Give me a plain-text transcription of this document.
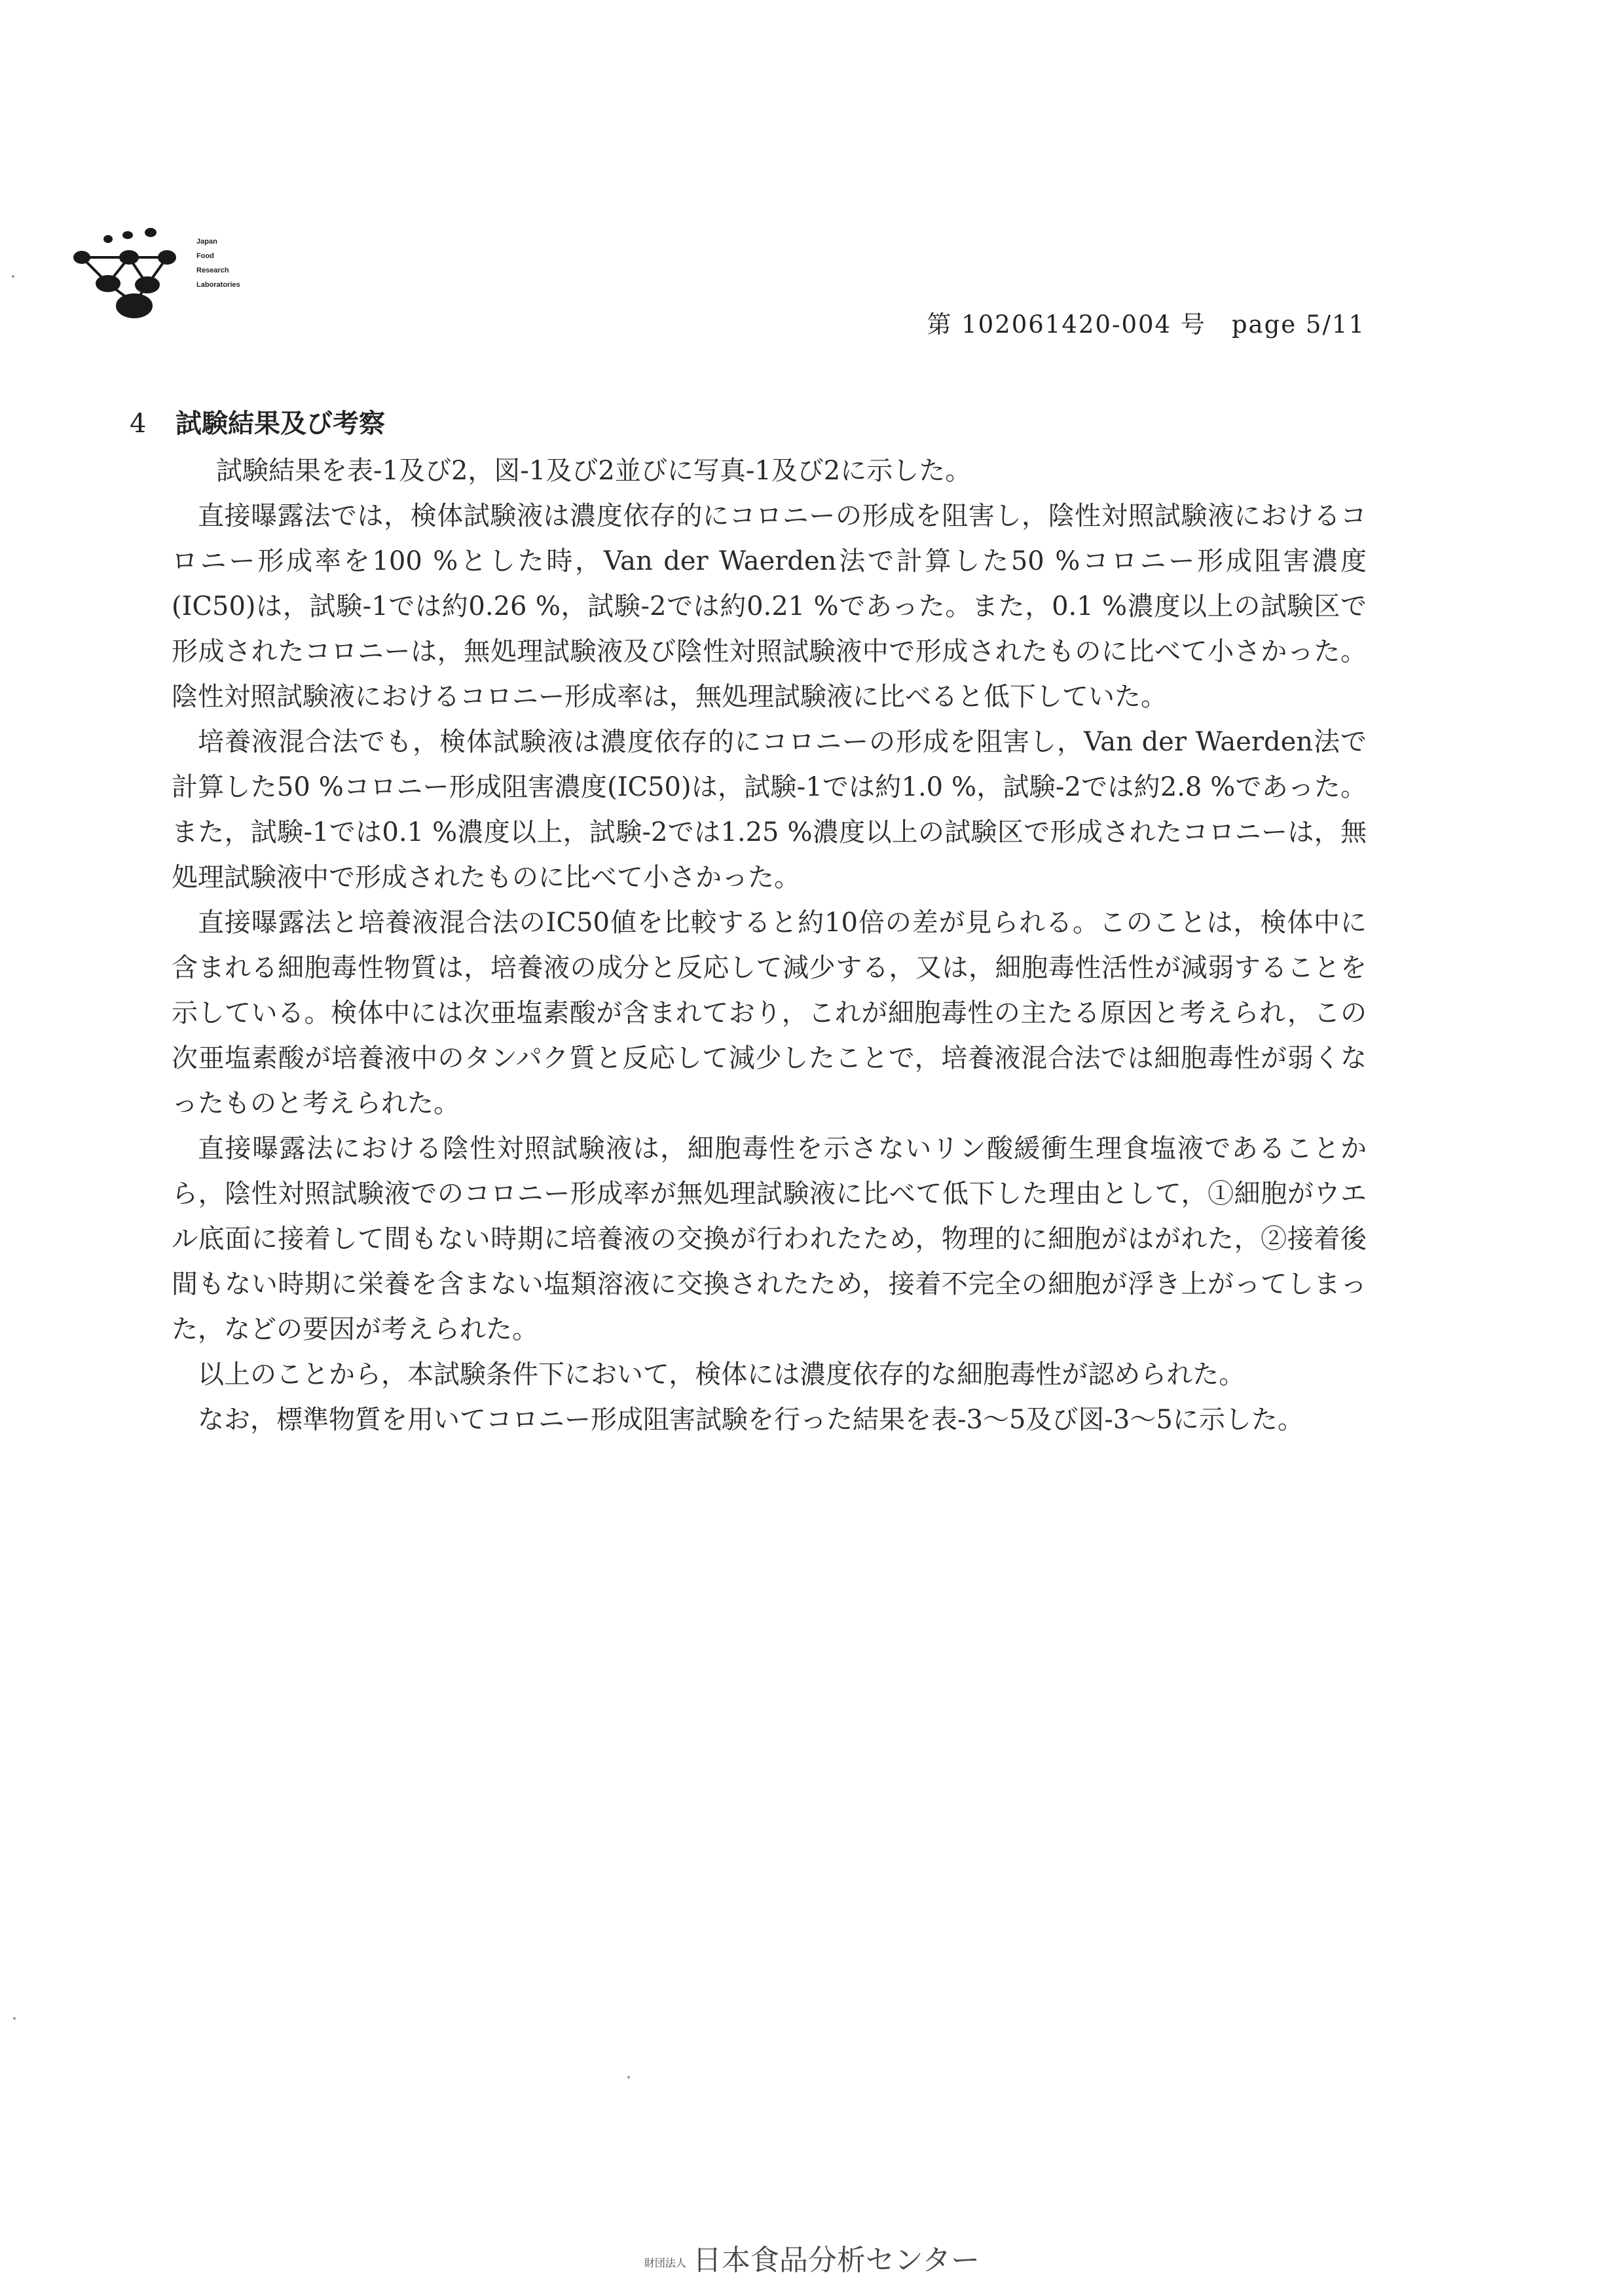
Japan
Food
Research
Laboratories
第 102061420-004 号　page 5/11
4 試験結果及び考察

試験結果を表-1及び2，図-1及び2並びに写真-1及び2に示した。

直接曝露法では，検体試験液は濃度依存的にコロニーの形成を阻害し，陰性対照試験液におけるコロニー形成率を100 %とした時，Van der Waerden法で計算した50 %コロニー形成阻害濃度(IC50)は，試験-1では約0.26 %，試験-2では約0.21 %であった。また，0.1 %濃度以上の試験区で形成されたコロニーは，無処理試験液及び陰性対照試験液中で形成されたものに比べて小さかった。陰性対照試験液におけるコロニー形成率は，無処理試験液に比べると低下していた。

培養液混合法でも，検体試験液は濃度依存的にコロニーの形成を阻害し，Van der Waerden法で計算した50 %コロニー形成阻害濃度(IC50)は，試験-1では約1.0 %，試験-2では約2.8 %であった。また，試験-1では0.1 %濃度以上，試験-2では1.25 %濃度以上の試験区で形成されたコロニーは，無処理試験液中で形成されたものに比べて小さかった。

直接曝露法と培養液混合法のIC50値を比較すると約10倍の差が見られる。このことは，検体中に含まれる細胞毒性物質は，培養液の成分と反応して減少する，又は，細胞毒性活性が減弱することを示している。検体中には次亜塩素酸が含まれており，これが細胞毒性の主たる原因と考えられ，この次亜塩素酸が培養液中のタンパク質と反応して減少したことで，培養液混合法では細胞毒性が弱くなったものと考えられた。

直接曝露法における陰性対照試験液は，細胞毒性を示さないリン酸緩衝生理食塩液であることから，陰性対照試験液でのコロニー形成率が無処理試験液に比べて低下した理由として，①細胞がウエル底面に接着して間もない時期に培養液の交換が行われたため，物理的に細胞がはがれた，②接着後間もない時期に栄養を含まない塩類溶液に交換されたため，接着不完全の細胞が浮き上がってしまった，などの要因が考えられた。

以上のことから，本試験条件下において，検体には濃度依存的な細胞毒性が認められた。

なお，標準物質を用いてコロニー形成阻害試験を行った結果を表-3～5及び図-3～5に示した。

財団法人 日本食品分析センター
